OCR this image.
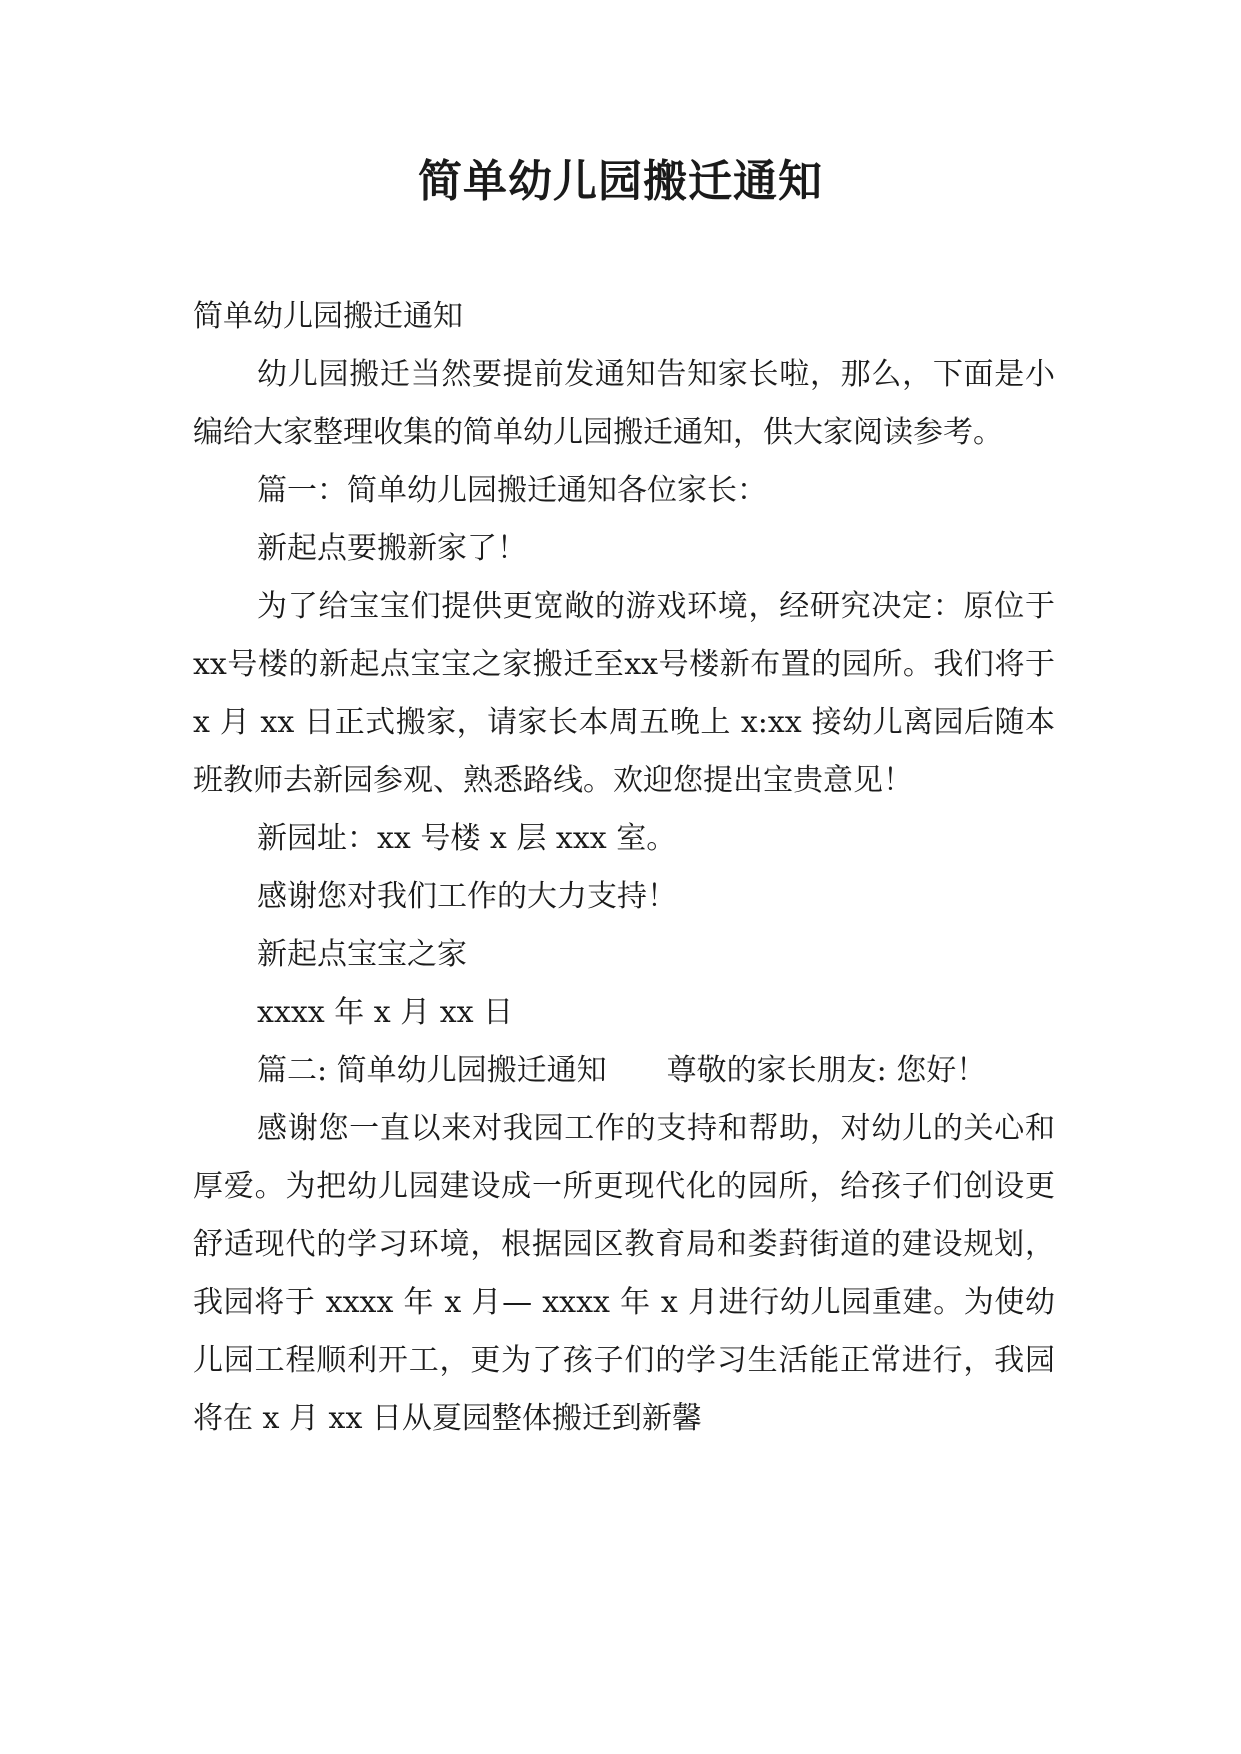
简单幼儿园搬迁通知

简单幼儿园搬迁通知

幼儿园搬迁当然要提前发通知告知家长啦，那么，下面是小编给大家整理收集的简单幼儿园搬迁通知，供大家阅读参考。

篇一：简单幼儿园搬迁通知各位家长：

新起点要搬新家了！

为了给宝宝们提供更宽敞的游戏环境，经研究决定：原位于xx号楼的新起点宝宝之家搬迁至xx号楼新布置的园所。我们将于 x 月 xx 日正式搬家，请家长本周五晚上 x:xx 接幼儿离园后随本班教师去新园参观、熟悉路线。欢迎您提出宝贵意见！

新园址：xx 号楼 x 层 xxx 室。

感谢您对我们工作的大力支持！

新起点宝宝之家

xxxx 年 x 月 xx 日

篇二: 简单幼儿园搬迁通知 尊敬的家长朋友: 您好！

感谢您一直以来对我园工作的支持和帮助，对幼儿的关心和厚爱。为把幼儿园建设成一所更现代化的园所，给孩子们创设更舒适现代的学习环境，根据园区教育局和娄葑街道的建设规划，我园将于 xxxx 年 x 月— xxxx 年 x 月进行幼儿园重建。为使幼儿园工程顺利开工，更为了孩子们的学习生活能正常进行，我园将在 x 月 xx 日从夏园整体搬迁到新馨
